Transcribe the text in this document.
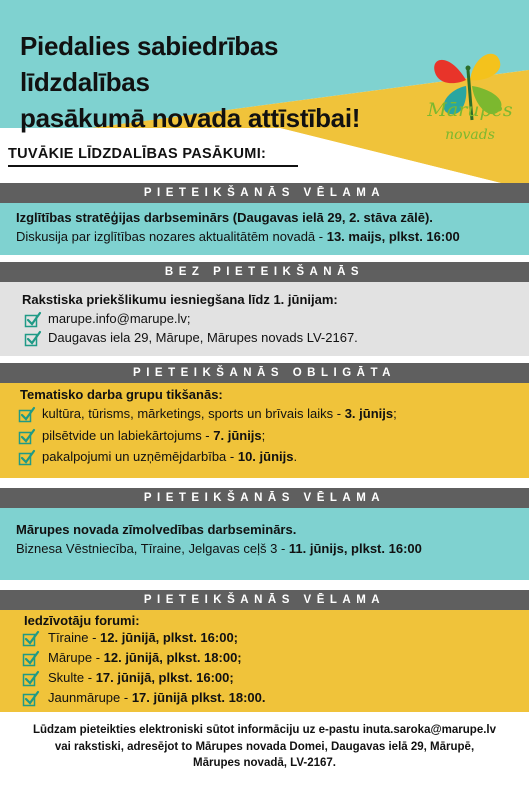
Piedalies sabiedrības līdzdalības
pasākumā novada attīstībai!	Mārupes
novads
TUVĀKIE LĪDZDALĪBAS PASĀKUMI:
PIETEIKŠANĀS VĒLAMA
Izglītības stratēģijas darbseminārs (Daugavas ielā 29, 2. stāva zālē).
Diskusija par izglītības nozares aktualitātēm novadā - 13. maijs, plkst. 16:00
BEZ PIETEIKŠANĀS
Rakstiska priekšlikumu iesniegšana līdz 1. jūnijam:
marupe.info@marupe.lv;
Daugavas iela 29, Mārupe, Mārupes novads LV-2167.
PIETEIKŠANĀS OBLIGĀTA
Tematisko darba grupu tikšanās:
kultūra, tūrisms, mārketings, sports un brīvais laiks - 3. jūnijs;
pilsētvide un labiekārtojums - 7. jūnijs;
pakalpojumi un uzņēmējdarbība - 10. jūnijs.
PIETEIKŠANĀS VĒLAMA
Mārupes novada zīmolvedības darbseminārs.
Biznesa Vēstniecība, Tīraine, Jelgavas ceļš 3 - 11. jūnijs, plkst. 16:00
PIETEIKŠANĀS VĒLAMA
Iedzīvotāju forumi:
Tīraine - 12. jūnijā, plkst. 16:00;
Mārupe - 12. jūnijā, plkst. 18:00;
Skulte - 17. jūnijā, plkst. 16:00;
Jaunmārupe - 17. jūnijā plkst. 18:00.
Lūdzam pieteikties elektroniski sūtot informāciju uz e-pastu inuta.saroka@marupe.lv
vai rakstiski, adresējot to Mārupes novada Domei, Daugavas ielā 29, Mārupē,
Mārupes novadā, LV-2167.
